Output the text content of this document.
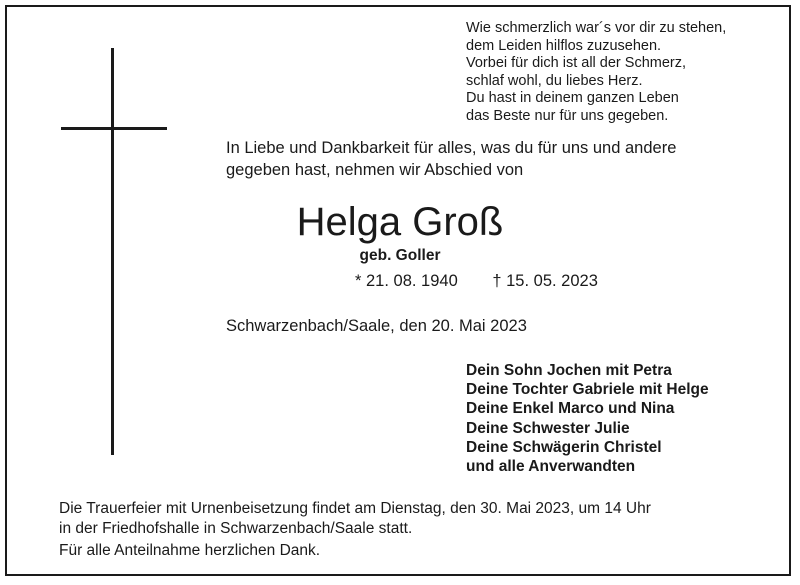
Wie schmerzlich war´s vor dir zu stehen,
dem Leiden hilflos zuzusehen.
Vorbei für dich ist all der Schmerz,
schlaf wohl, du liebes Herz.
Du hast in deinem ganzen Leben
das Beste nur für uns gegeben.
In Liebe und Dankbarkeit für alles, was du für uns und andere
gegeben hast, nehmen wir Abschied von
Helga Groß
geb. Goller
* 21. 08. 1940 † 15. 05. 2023
Schwarzenbach/Saale, den 20. Mai 2023
Dein Sohn Jochen mit Petra
Deine Tochter Gabriele mit Helge
Deine Enkel Marco und Nina
Deine Schwester Julie
Deine Schwägerin Christel
und alle Anverwandten
Die Trauerfeier mit Urnenbeisetzung findet am Dienstag, den 30. Mai 2023, um 14 Uhr
in der Friedhofshalle in Schwarzenbach/Saale statt.
Für alle Anteilnahme herzlichen Dank.
